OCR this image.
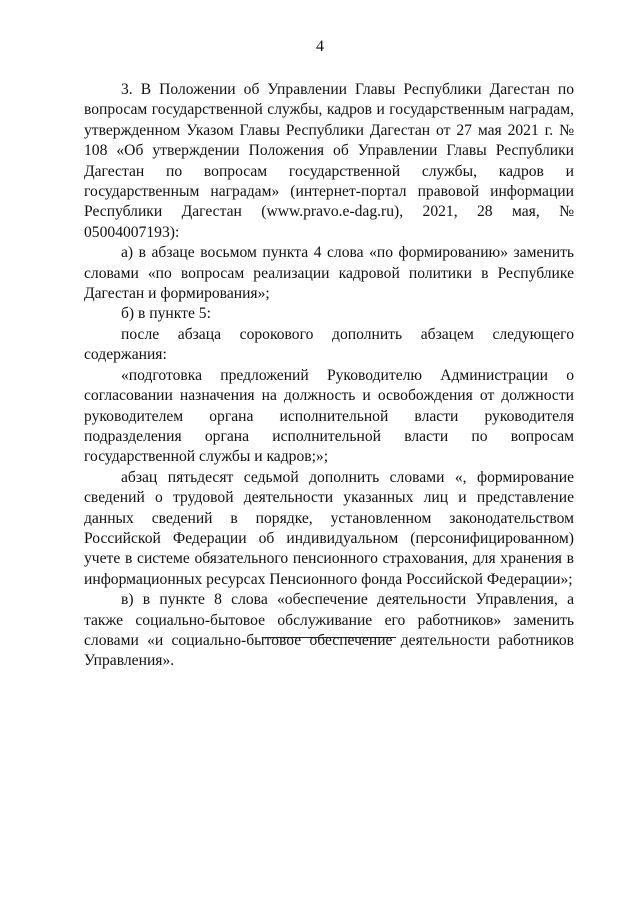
4

3. В Положении об Управлении Главы Республики Дагестан по вопросам государственной службы, кадров и государственным наградам, утвержденном Указом Главы Республики Дагестан от 27 мая 2021 г. № 108 «Об утверждении Положения об Управлении Главы Республики Дагестан по вопросам государственной службы, кадров и государственным наградам» (интернет-портал правовой информации Республики Дагестан (www.pravo.e-dag.ru), 2021, 28 мая, № 05004007193):

а) в абзаце восьмом пункта 4 слова «по формированию» заменить словами «по вопросам реализации кадровой политики в Республике Дагестан и формирования»;

б) в пункте 5:

после абзаца сорокового дополнить абзацем следующего содержания:

«подготовка предложений Руководителю Администрации о согласовании назначения на должность и освобождения от должности руководителем органа исполнительной власти руководителя подразделения органа исполнительной власти по вопросам государственной службы и кадров;»;

абзац пятьдесят седьмой дополнить словами «, формирование сведений о трудовой деятельности указанных лиц и представление данных сведений в порядке, установленном законодательством Российской Федерации об индивидуальном (персонифицированном) учете в системе обязательного пенсионного страхования, для хранения в информационных ресурсах Пенсионного фонда Российской Федерации»;

в) в пункте 8 слова «обеспечение деятельности Управления, а также социально-бытовое обслуживание его работников» заменить словами «и социально-бытовое обеспечение деятельности работников Управления».
